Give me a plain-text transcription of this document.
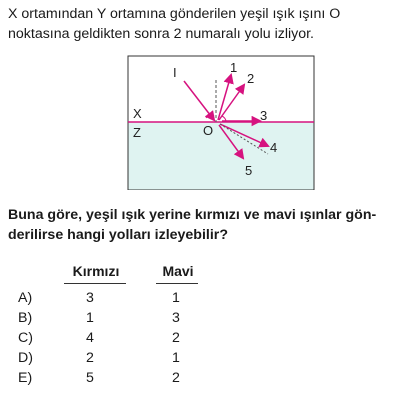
X ortamından Y ortamına gönderilen yeşil ışık ışını O
noktasına geldikten sonra 2 numaralı yolu izliyor.
I	1
2
3
4
5
O
X
Z
Buna göre, yeşil ışık yerine kırmızı ve mavi ışınlar gön-
derilirse hangi yolları izleyebilir?
Kırmızı	Mavi
A)	3	1
B)	1	3
C)	4	2
D)	2	1
E)	5	2
